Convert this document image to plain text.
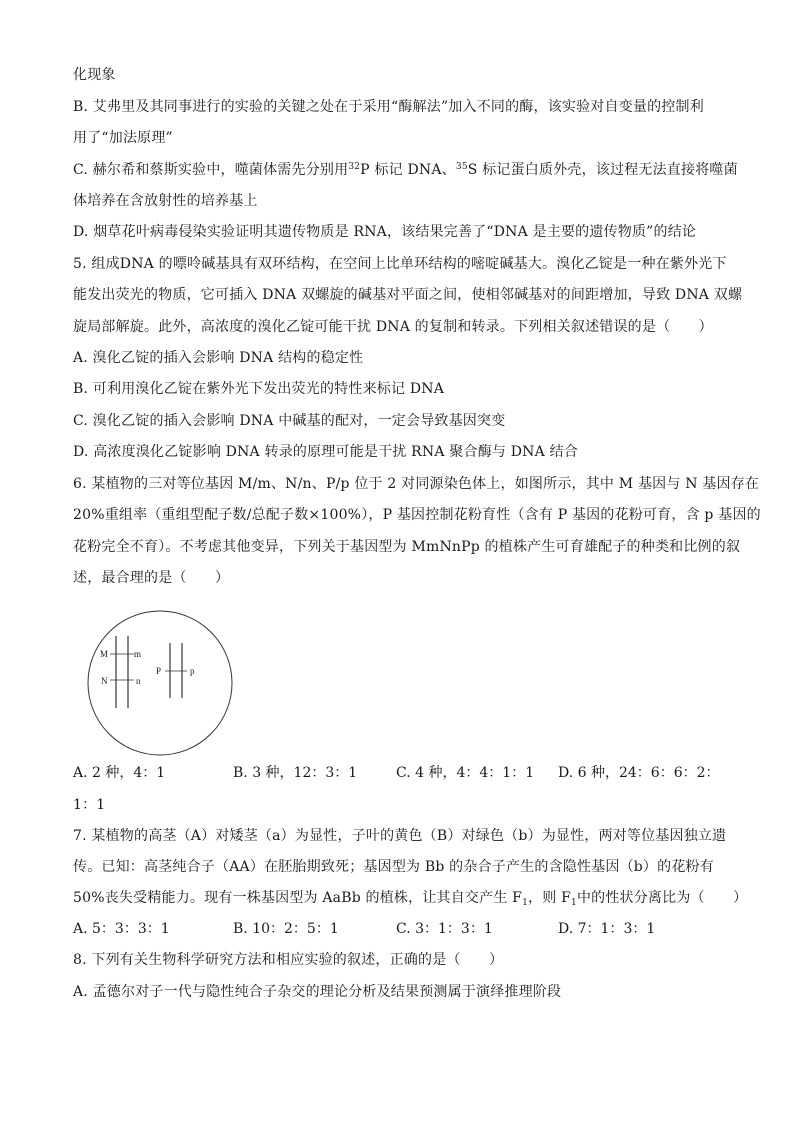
化现象
B. 艾弗里及其同事进行的实验的关键之处在于采用“酶解法”加入不同的酶，该实验对自变量的控制利
用了“加法原理”
C. 赫尔希和蔡斯实验中，噬菌体需先分别用$^{32}$P 标记 DNA、$^{35}$S 标记蛋白质外壳，该过程无法直接将噬菌
体培养在含放射性的培养基上
D. 烟草花叶病毒侵染实验证明其遗传物质是 RNA，该结果完善了“DNA 是主要的遗传物质”的结论
5. 组成DNA 的嘌呤碱基具有双环结构，在空间上比单环结构的嘧啶碱基大。溴化乙锭是一种在紫外光下
能发出荧光的物质，它可插入 DNA 双螺旋的碱基对平面之间，使相邻碱基对的间距增加，导致 DNA 双螺
旋局部解旋。此外，高浓度的溴化乙锭可能干扰 DNA 的复制和转录。下列相关叙述错误的是（　　）
A. 溴化乙锭的插入会影响 DNA 结构的稳定性
B. 可利用溴化乙锭在紫外光下发出荧光的特性来标记 DNA
C. 溴化乙锭的插入会影响 DNA 中碱基的配对，一定会导致基因突变
D. 高浓度溴化乙锭影响 DNA 转录的原理可能是干扰 RNA 聚合酶与 DNA 结合
6. 某植物的三对等位基因 M/m、N/n、P/p 位于 2 对同源染色体上，如图所示，其中 M 基因与 N 基因存在
20%重组率（重组型配子数/总配子数×100%），P 基因控制花粉育性（含有 P 基因的花粉可育，含 p 基因的
花粉完全不育）。不考虑其他变异，下列关于基因型为 MmNnPp 的植株产生可育雄配子的种类和比例的叙
述，最合理的是（　　）
M	m
N	n
P	p
A. 2 种，4：1	B. 3 种，12：3：1	C. 4 种，4：4：1：1 D. 6 种，24：6：6：2：
1：1
7. 某植物的高茎（A）对矮茎（a）为显性，子叶的黄色（B）对绿色（b）为显性，两对等位基因独立遗
传。已知：高茎纯合子（AA）在胚胎期致死；基因型为 Bb 的杂合子产生的含隐性基因（b）的花粉有
50%丧失受精能力。现有一株基因型为 AaBb 的植株，让其自交产生 $F_1$，则 $F_1$中的性状分离比为（　　）
A. 5：3：3：1	B. 10：2：5：1	C. 3：1：3：1	D. 7：1：3：1
8. 下列有关生物科学研究方法和相应实验的叙述，正确的是（　　）
A. 孟德尔对子一代与隐性纯合子杂交的理论分析及结果预测属于演绎推理阶段
